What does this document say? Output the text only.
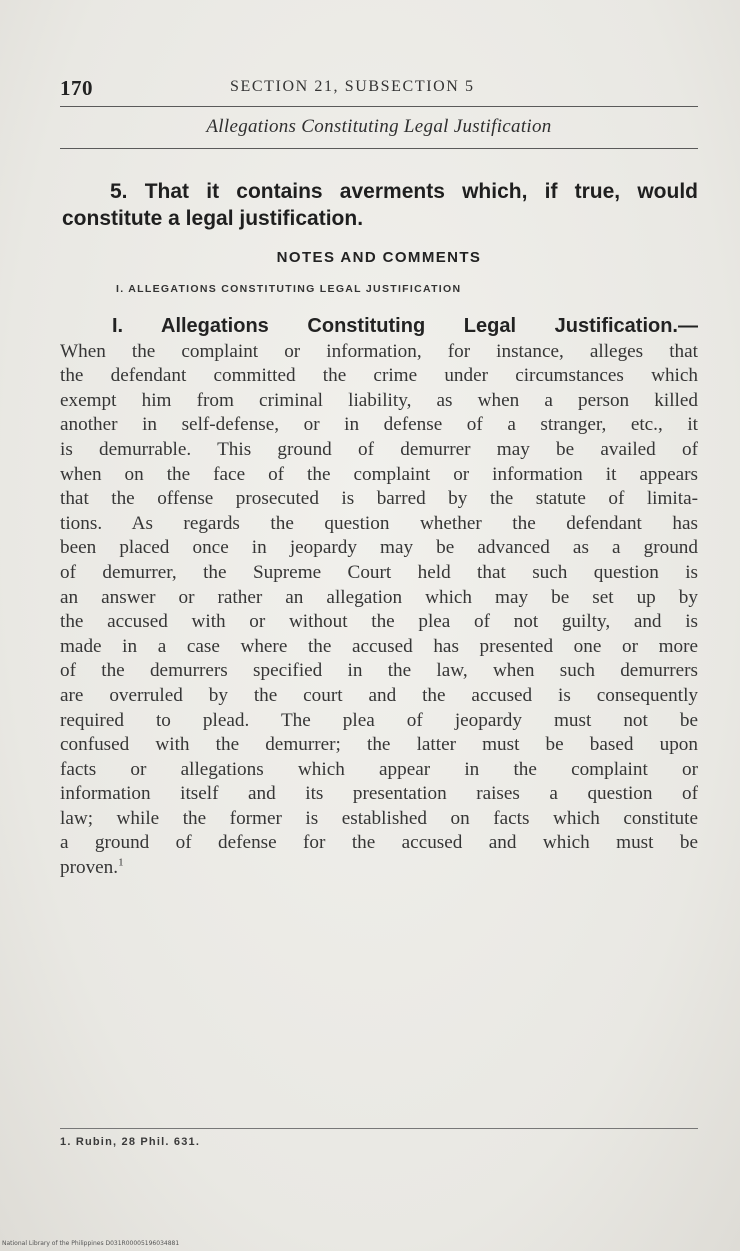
170	SECTION 21, SUBSECTION 5
Allegations Constituting Legal Justification
5. That it contains averments which, if true, would constitute a legal justification.
NOTES AND COMMENTS
I. ALLEGATIONS CONSTITUTING LEGAL JUSTIFICATION
I. Allegations Constituting Legal Justification.—
When the complaint or information, for instance, alleges that
the defendant committed the crime under circumstances which
exempt him from criminal liability, as when a person killed
another in self-defense, or in defense of a stranger, etc., it
is demurrable. This ground of demurrer may be availed of
when on the face of the complaint or information it appears
that the offense prosecuted is barred by the statute of limita-
tions. As regards the question whether the defendant has
been placed once in jeopardy may be advanced as a ground
of demurrer, the Supreme Court held that such question is
an answer or rather an allegation which may be set up by
the accused with or without the plea of not guilty, and is
made in a case where the accused has presented one or more
of the demurrers specified in the law, when such demurrers
are overruled by the court and the accused is consequently
required to plead. The plea of jeopardy must not be
confused with the demurrer; the latter must be based upon
facts or allegations which appear in the complaint or
information itself and its presentation raises a question of
law; while the former is established on facts which constitute
a ground of defense for the accused and which must be
proven.$^1$
1. Rubin, 28 Phil. 631.
National Library of the Philippines D031R00005196034881
